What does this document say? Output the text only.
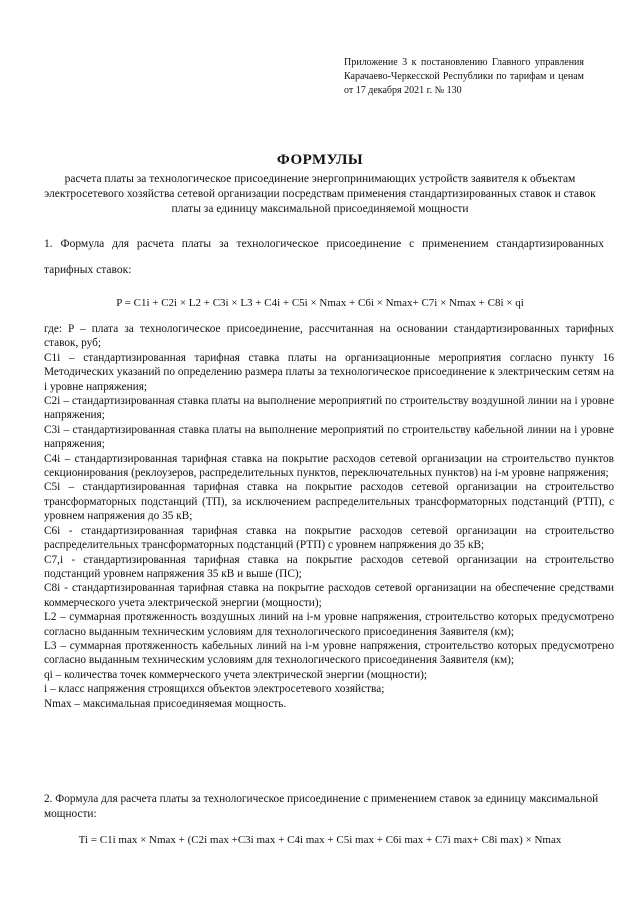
Приложение 3 к постановлению Главного управления Карачаево-Черкесской Республики по тарифам и ценам от 17 декабря 2021 г. № 130
ФОРМУЛЫ
расчета платы за технологическое присоединение энергопринимающих устройств заявителя к объектам электросетевого хозяйства сетевой организации посредствам применения стандартизированных ставок и ставок платы за единицу максимальной присоединяемой мощности
1. Формула для расчета платы за технологическое присоединение с применением стандартизированных тарифных ставок:
P = C1i + C2i × L2 + C3i × L3 + C4i + C5i × Nmax + C6i × Nmax+ C7i × Nmax + C8i × qi
где: P – плата за технологическое присоединение, рассчитанная на основании стандартизированных тарифных ставок, руб;
C1i – стандартизированная тарифная ставка платы на организационные мероприятия согласно пункту 16 Методических указаний по определению размера платы за технологическое присоединение к электрическим сетям на i уровне напряжения;
C2i – стандартизированная ставка платы на выполнение мероприятий по строительству воздушной линии на i уровне напряжения;
C3i – стандартизированная ставка платы на выполнение мероприятий по строительству кабельной линии на i уровне напряжения;
C4i – стандартизированная тарифная ставка на покрытие расходов сетевой организации на строительство пунктов секционирования (реклоузеров, распределительных пунктов, переключательных пунктов) на i-м уровне напряжения;
C5i – стандартизированная тарифная ставка на покрытие расходов сетевой организации на строительство трансформаторных подстанций (ТП), за исключением распределительных трансформаторных подстанций (РТП), с уровнем напряжения до 35 кВ;
C6i - стандартизированная тарифная ставка на покрытие расходов сетевой организации на строительство распределительных трансформаторных подстанций (РТП) с уровнем напряжения до 35 кВ;
C7,i - стандартизированная тарифная ставка на покрытие расходов сетевой организации на строительство подстанций уровнем напряжения 35 кВ и выше (ПС);
C8i - стандартизированная тарифная ставка на покрытие расходов сетевой организации на обеспечение средствами коммерческого учета электрической энергии (мощности);
L2 – суммарная протяженность воздушных линий на i-м уровне напряжения, строительство которых предусмотрено согласно выданным техническим условиям для технологического присоединения Заявителя (км);
L3 – суммарная протяженность кабельных линий на i-м уровне напряжения, строительство которых предусмотрено согласно выданным техническим условиям для технологического присоединения Заявителя (км);
qi – количества точек коммерческого учета электрической энергии (мощности);
i – класс напряжения строящихся объектов электросетевого хозяйства;
Nmax – максимальная присоединяемая мощность.
2. Формула для расчета платы за технологическое присоединение с применением ставок за единицу максимальной мощности:
Ti = C1i max × Nmax + (C2i max +C3i max + C4i max + C5i max + C6i max + C7i max+ C8i max) × Nmax
